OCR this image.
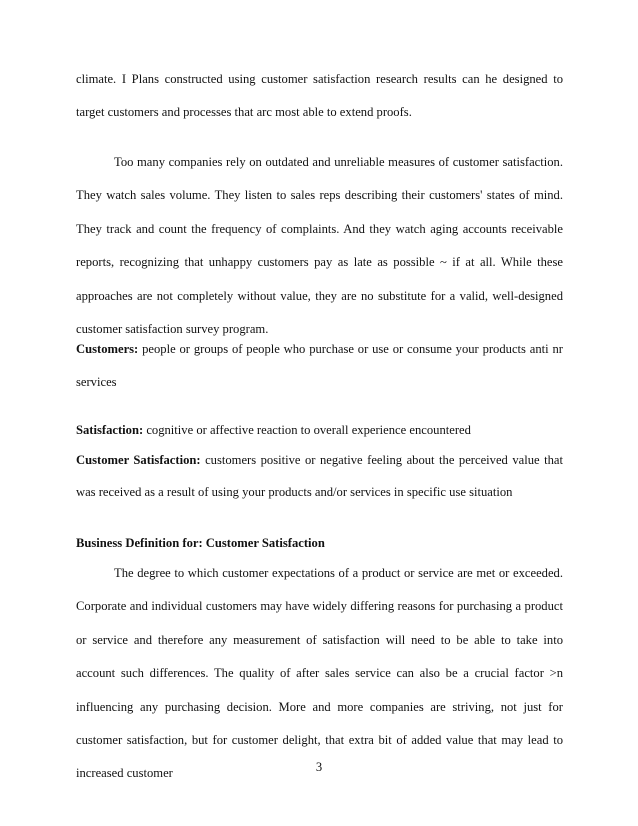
climate. I Plans constructed using customer satisfaction research results can he designed to target customers and processes that arc most able to extend proofs.

Too many companies rely on outdated and unreliable measures of customer satisfaction. They watch sales volume. They listen to sales reps describing their customers' states of mind. They track and count the frequency of complaints. And they watch aging accounts receivable reports, recognizing that unhappy customers pay as late as possible ~ if at all. While these approaches are not completely without value, they are no substitute for a valid, well-designed customer satisfaction survey program.

Customers: people or groups of people who purchase or use or consume your products anti nr services

Satisfaction: cognitive or affective reaction to overall experience encountered

Customer Satisfaction: customers positive or negative feeling about the perceived value that was received as a result of using your products and/or services in specific use situation

Business Definition for: Customer Satisfaction

The degree to which customer expectations of a product or service are met or exceeded. Corporate and individual customers may have widely differing reasons for purchasing a product or service and therefore any measurement of satisfaction will need to be able to take into account such differences. The quality of after sales service can also be a crucial factor >n influencing any purchasing decision. More and more companies are striving, not just for customer satisfaction, but for customer delight, that extra bit of added value that may lead to increased customer	3
